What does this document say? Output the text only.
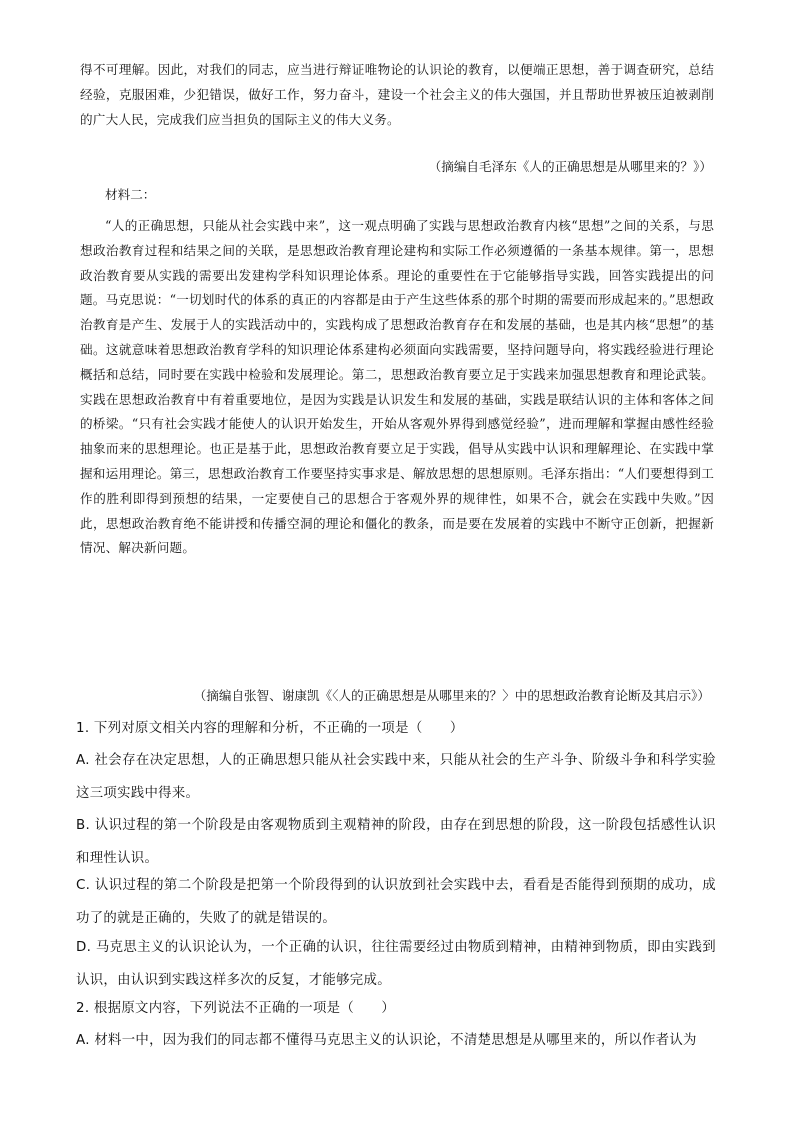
得不可理解。因此，对我们的同志，应当进行辩证唯物论的认识论的教育，以便端正思想，善于调查研究，总结经验，克服困难，少犯错误，做好工作，努力奋斗，建设一个社会主义的伟大强国，并且帮助世界被压迫被剥削的广大人民，完成我们应当担负的国际主义的伟大义务。

（摘编自毛泽东《人的正确思想是从哪里来的？》）

材料二：

“人的正确思想，只能从社会实践中来”，这一观点明确了实践与思想政治教育内核“思想”之间的关系，与思想政治教育过程和结果之间的关联，是思想政治教育理论建构和实际工作必须遵循的一条基本规律。第一，思想政治教育要从实践的需要出发建构学科知识理论体系。理论的重要性在于它能够指导实践，回答实践提出的问题。马克思说：“一切划时代的体系的真正的内容都是由于产生这些体系的那个时期的需要而形成起来的。”思想政治教育是产生、发展于人的实践活动中的，实践构成了思想政治教育存在和发展的基础，也是其内核“思想”的基础。这就意味着思想政治教育学科的知识理论体系建构必须面向实践需要，坚持问题导向，将实践经验进行理论概括和总结，同时要在实践中检验和发展理论。第二，思想政治教育要立足于实践来加强思想教育和理论武装。实践在思想政治教育中有着重要地位，是因为实践是认识发生和发展的基础，实践是联结认识的主体和客体之间的桥梁。“只有社会实践才能使人的认识开始发生，开始从客观外界得到感觉经验”，进而理解和掌握由感性经验抽象而来的思想理论。也正是基于此，思想政治教育要立足于实践，倡导从实践中认识和理解理论、在实践中掌握和运用理论。第三，思想政治教育工作要坚持实事求是、解放思想的思想原则。毛泽东指出：“人们要想得到工作的胜利即得到预想的结果，一定要使自己的思想合于客观外界的规律性，如果不合，就会在实践中失败。”因此，思想政治教育绝不能讲授和传播空洞的理论和僵化的教条，而是要在发展着的实践中不断守正创新，把握新情况、解决新问题。

（摘编自张智、谢康凯《〈人的正确思想是从哪里来的？〉中的思想政治教育论断及其启示》）

1. 下列对原文相关内容的理解和分析，不正确的一项是（　　）

A. 社会存在决定思想，人的正确思想只能从社会实践中来，只能从社会的生产斗争、阶级斗争和科学实验这三项实践中得来。

B. 认识过程的第一个阶段是由客观物质到主观精神的阶段，由存在到思想的阶段，这一阶段包括感性认识和理性认识。

C. 认识过程的第二个阶段是把第一个阶段得到的认识放到社会实践中去，看看是否能得到预期的成功，成功了的就是正确的，失败了的就是错误的。

D. 马克思主义的认识论认为，一个正确的认识，往往需要经过由物质到精神，由精神到物质，即由实践到认识，由认识到实践这样多次的反复，才能够完成。

2. 根据原文内容，下列说法不正确的一项是（　　）

A. 材料一中，因为我们的同志都不懂得马克思主义的认识论，不清楚思想是从哪里来的，所以作者认为
